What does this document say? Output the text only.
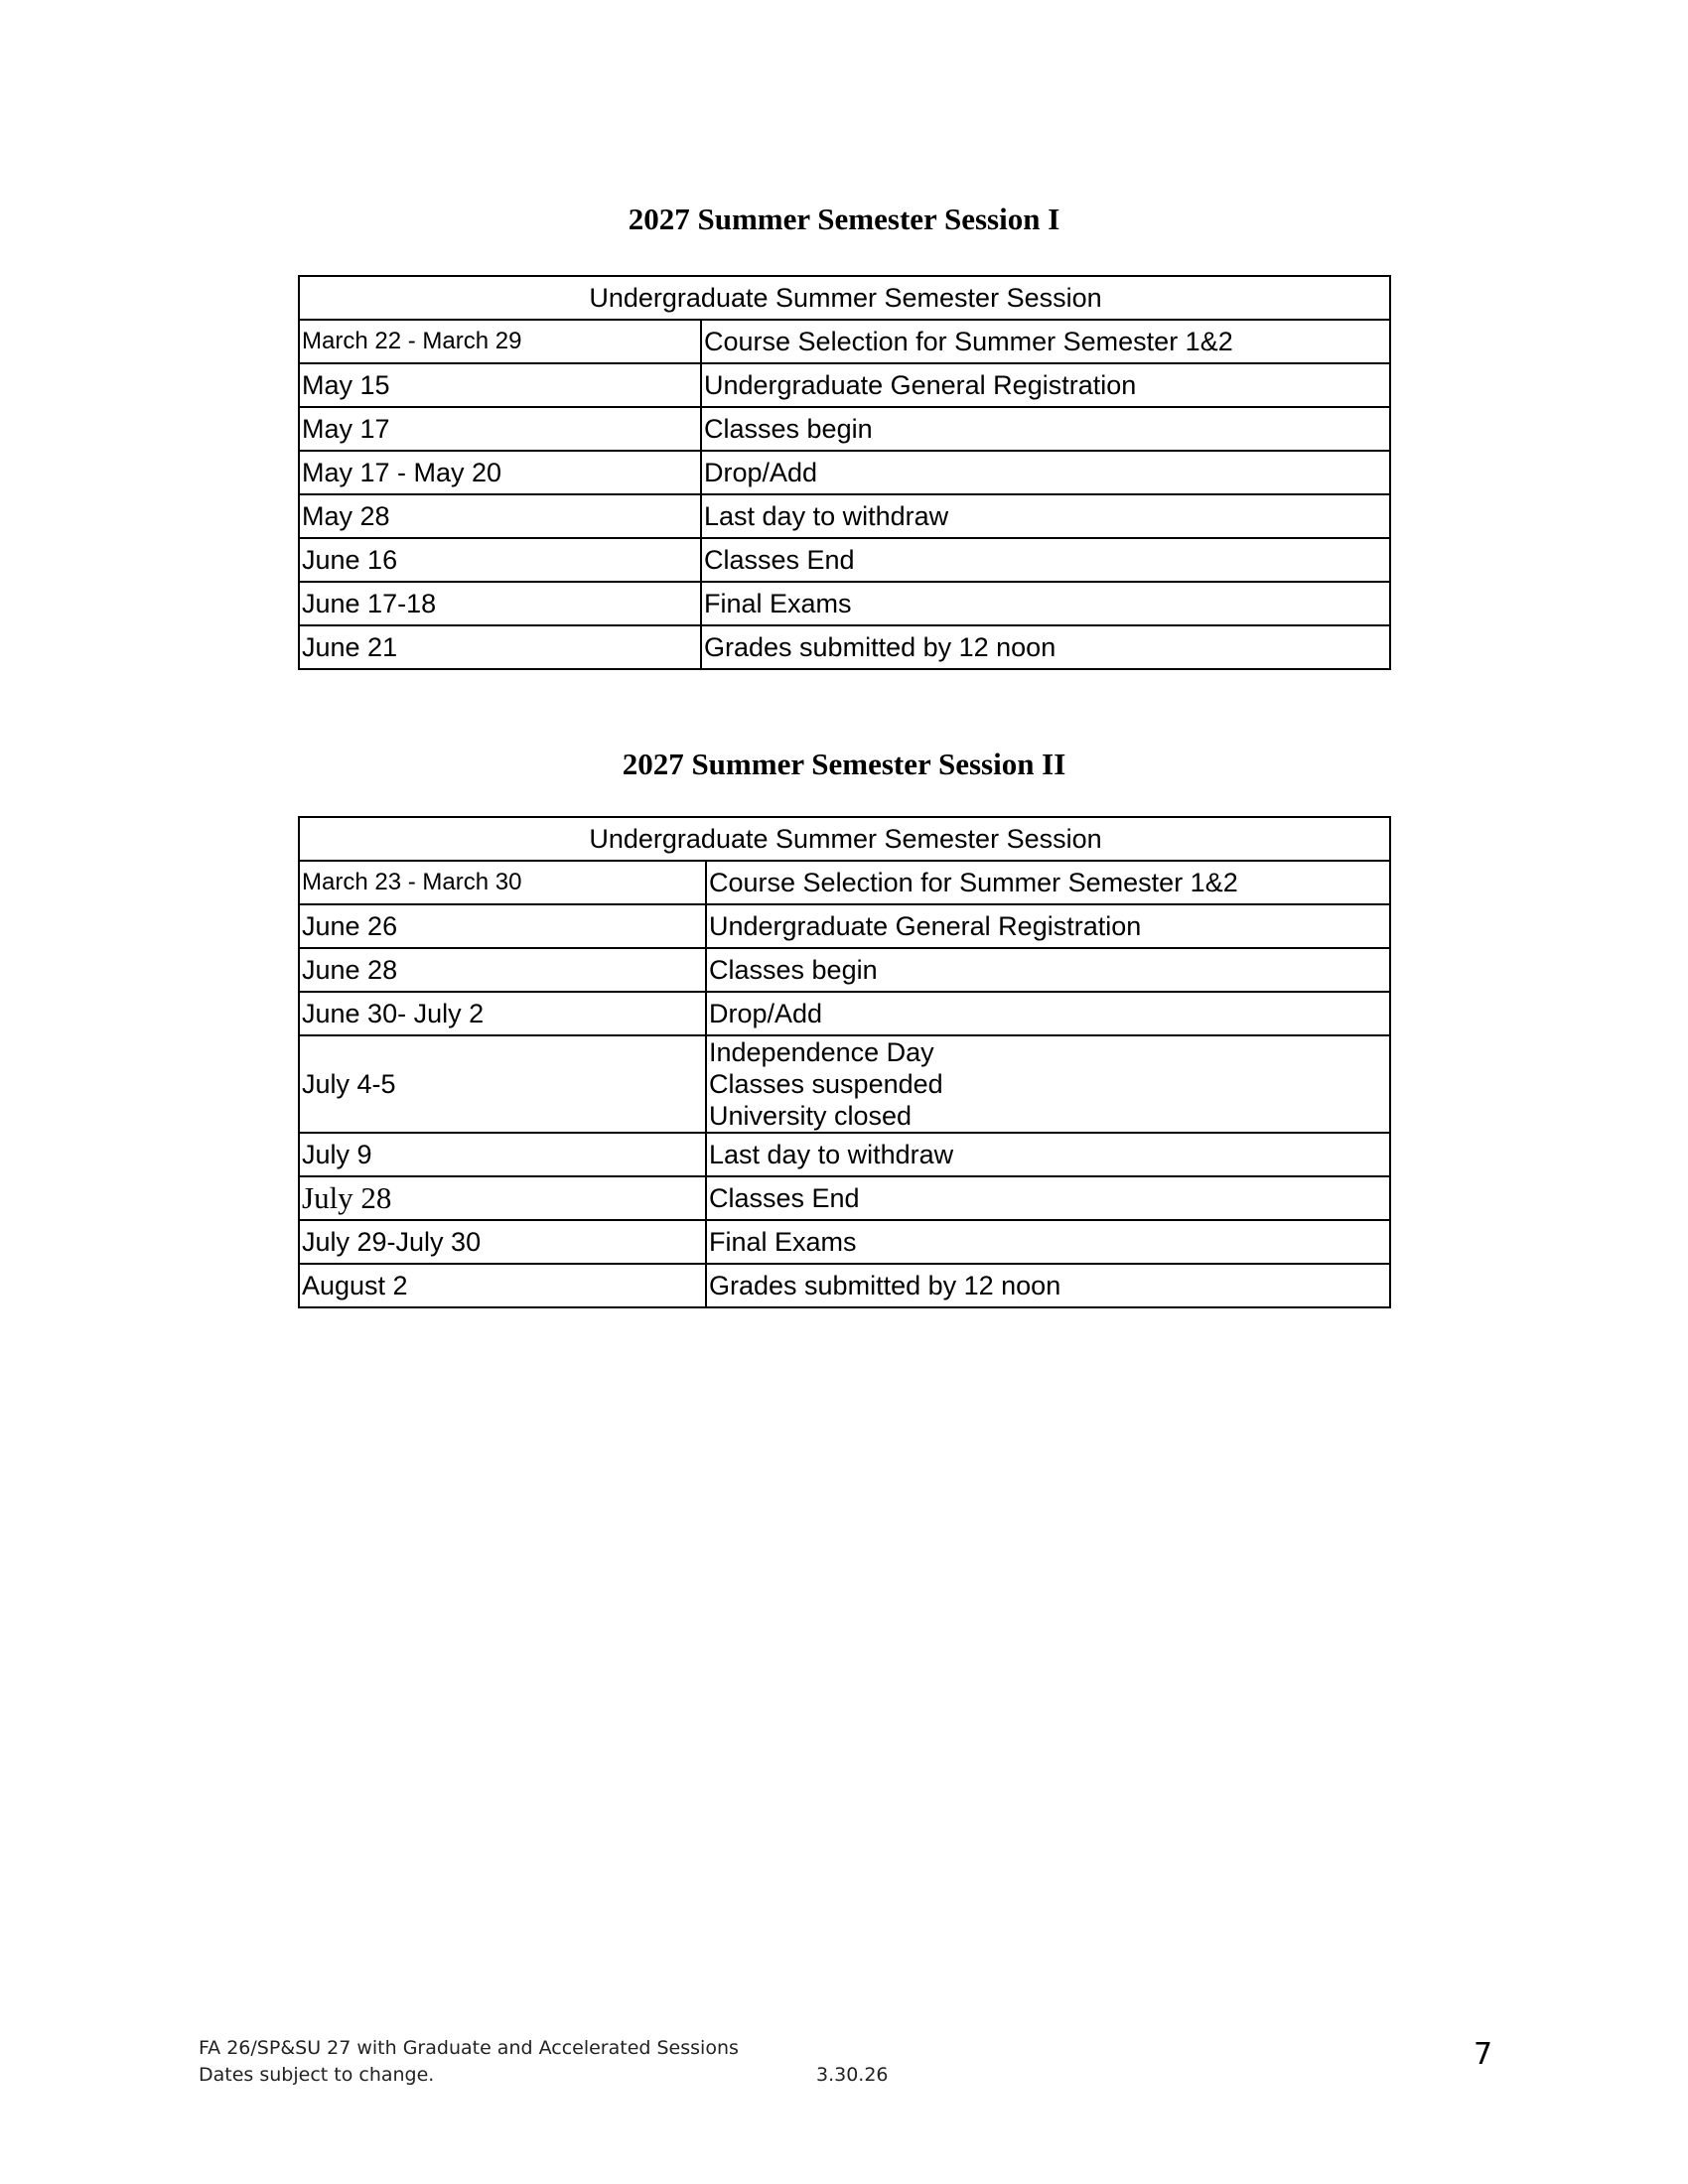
2027 Summer Semester Session I
Undergraduate Summer Semester Session	
March 22 - March 29	Course Selection for Summer Semester 1&2
May 15	Undergraduate General Registration
May 17	Classes begin
May 17 - May 20	Drop/Add
May 28	Last day to withdraw
June 16	Classes End
June 17-18	Final Exams
June 21	Grades submitted by 12 noon
2027 Summer Semester Session II
Undergraduate Summer Semester Session	
March 23 - March 30	Course Selection for Summer Semester 1&2
June 26	Undergraduate General Registration
June 28	Classes begin
June 30- July 2	Drop/Add
July 4-5	Independence Day
Classes suspended
University closed

July 9	Last day to withdraw
July 28	Classes End
July 29-July 30	Final Exams
August 2	Grades submitted by 12 noon
FA 26/SP&SU 27 with Graduate and Accelerated Sessions
Dates subject to change.	3.30.26
7
